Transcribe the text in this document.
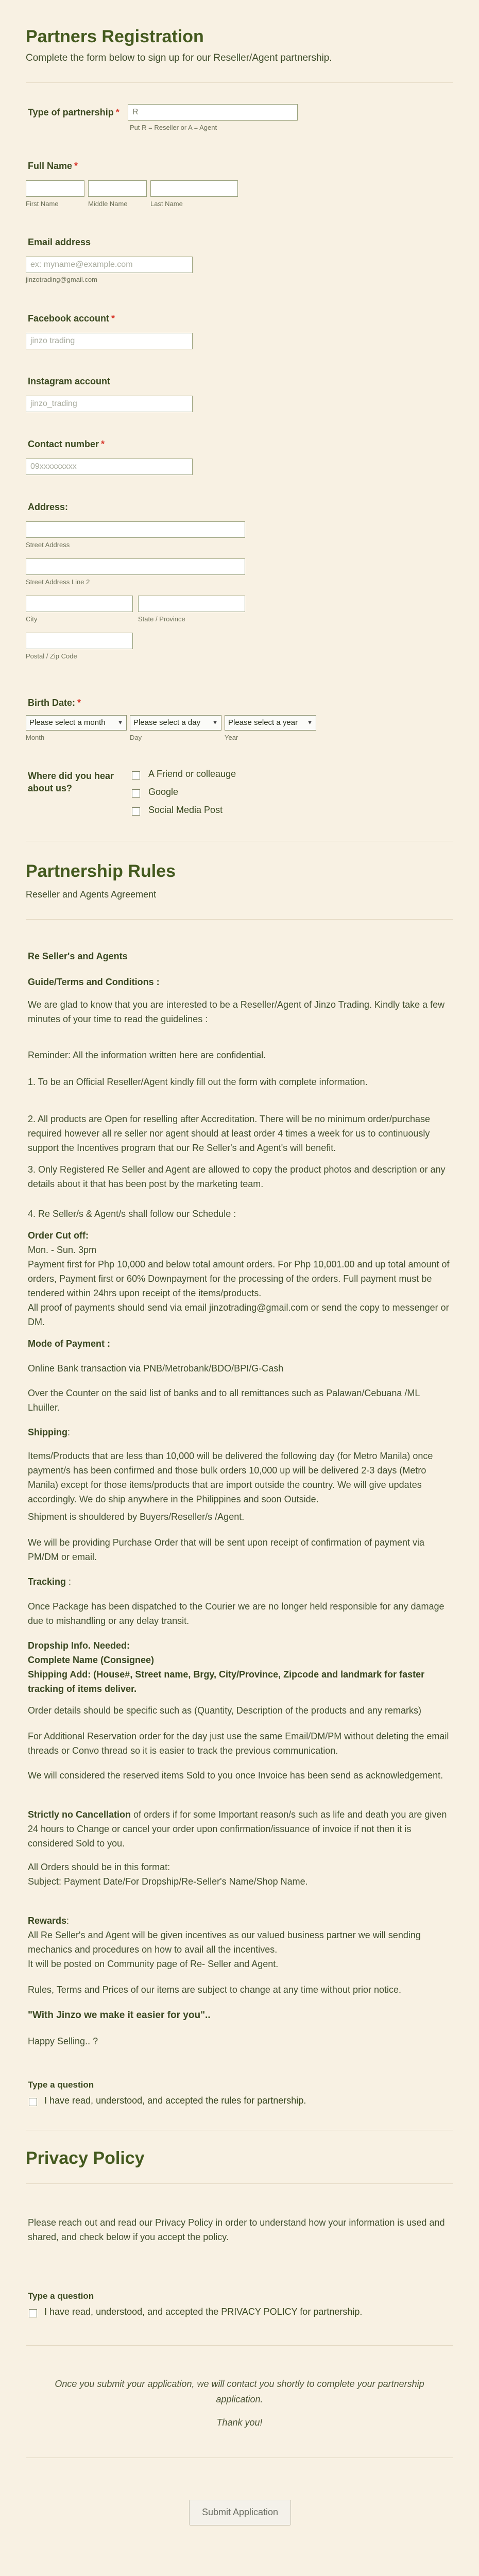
Partners Registration
Complete the form below to sign up for our Reseller/Agent partnership.
Type of partnership *	R
Put R = Reseller or A = Agent
Full Name *
First Name	Middle Name	Last Name
Email address
ex: myname@example.com
jinzotrading@gmail.com
Facebook account *
jinzo trading
Instagram account
jinzo_trading
Contact number *
09xxxxxxxxx
Address:
Street Address
Street Address Line 2
City	State / Province
Postal / Zip Code
Birth Date: *
Please select a month ▼	Please select a day ▼	Please select a year ▼
Month	Day	Year
Where did you hear about us?
A Friend or colleauge
Google
Social Media Post
Partnership Rules
Reseller and Agents Agreement
Re Seller's and Agents
Guide/Terms and Conditions :
We are glad to know that you are interested to be a Reseller/Agent of Jinzo Trading. Kindly take a few minutes of your time to read the guidelines :
Reminder: All the information written here are confidential.
1. To be an Official Reseller/Agent kindly fill out the form with complete information.
2. All products are Open for reselling after Accreditation. There will be no minimum order/purchase required however all re seller nor agent should at least order 4 times a week for us to continuously support the Incentives program that our Re Seller's and Agent's will benefit.
3. Only Registered Re Seller and Agent are allowed to copy the product photos and description or any details about it that has been post by the marketing team.
4. Re Seller/s & Agent/s shall follow our Schedule :
Order Cut off:
Mon. - Sun. 3pm
Payment first for Php 10,000 and below total amount orders. For Php 10,001.00 and up total amount of orders, Payment first or 60% Downpayment for the processing of the orders. Full payment must be tendered within 24hrs upon receipt of the items/products.
All proof of payments should send via email jinzotrading@gmail.com or send the copy to messenger or DM.
Mode of Payment :
Online Bank transaction via PNB/Metrobank/BDO/BPI/G-Cash
Over the Counter on the said list of banks and to all remittances such as Palawan/Cebuana /ML Lhuiller.
Shipping:
Items/Products that are less than 10,000 will be delivered the following day (for Metro Manila) once payment/s has been confirmed and those bulk orders 10,000 up will be delivered 2-3 days (Metro Manila) except for those items/products that are import outside the country. We will give updates accordingly. We do ship anywhere in the Philippines and soon Outside.
Shipment is shouldered by Buyers/Reseller/s /Agent.
We will be providing Purchase Order that will be sent upon receipt of confirmation of payment via PM/DM or email.
Tracking :
Once Package has been dispatched to the Courier we are no longer held responsible for any damage due to mishandling or any delay transit.
Dropship Info. Needed:
Complete Name (Consignee)
Shipping Add: (House#, Street name, Brgy, City/Province, Zipcode and landmark for faster tracking of items deliver.
Order details should be specific such as (Quantity, Description of the products and any remarks)
For Additional Reservation order for the day just use the same Email/DM/PM without deleting the email threads or Convo thread so it is easier to track the previous communication.
We will considered the reserved items Sold to you once Invoice has been send as acknowledgement.
Strictly no Cancellation of orders if for some Important reason/s such as life and death you are given 24 hours to Change or cancel your order upon confirmation/issuance of invoice if not then it is considered Sold to you.
All Orders should be in this format:
Subject: Payment Date/For Dropship/Re-Seller's Name/Shop Name.
Rewards:
All Re Seller's and Agent will be given incentives as our valued business partner we will sending mechanics and procedures on how to avail all the incentives.
It will be posted on Community page of Re- Seller and Agent.
Rules, Terms and Prices of our items are subject to change at any time without prior notice.
"With Jinzo we make it easier for you"..
Happy Selling.. ?
Type a question
I have read, understood, and accepted the rules for partnership.
Privacy Policy
Please reach out and read our Privacy Policy in order to understand how your information is used and shared, and check below if you accept the policy.
Type a question
I have read, understood, and accepted the PRIVACY POLICY for partnership.
Once you submit your application, we will contact you shortly to complete your partnership application.
Thank you!
Submit Application
